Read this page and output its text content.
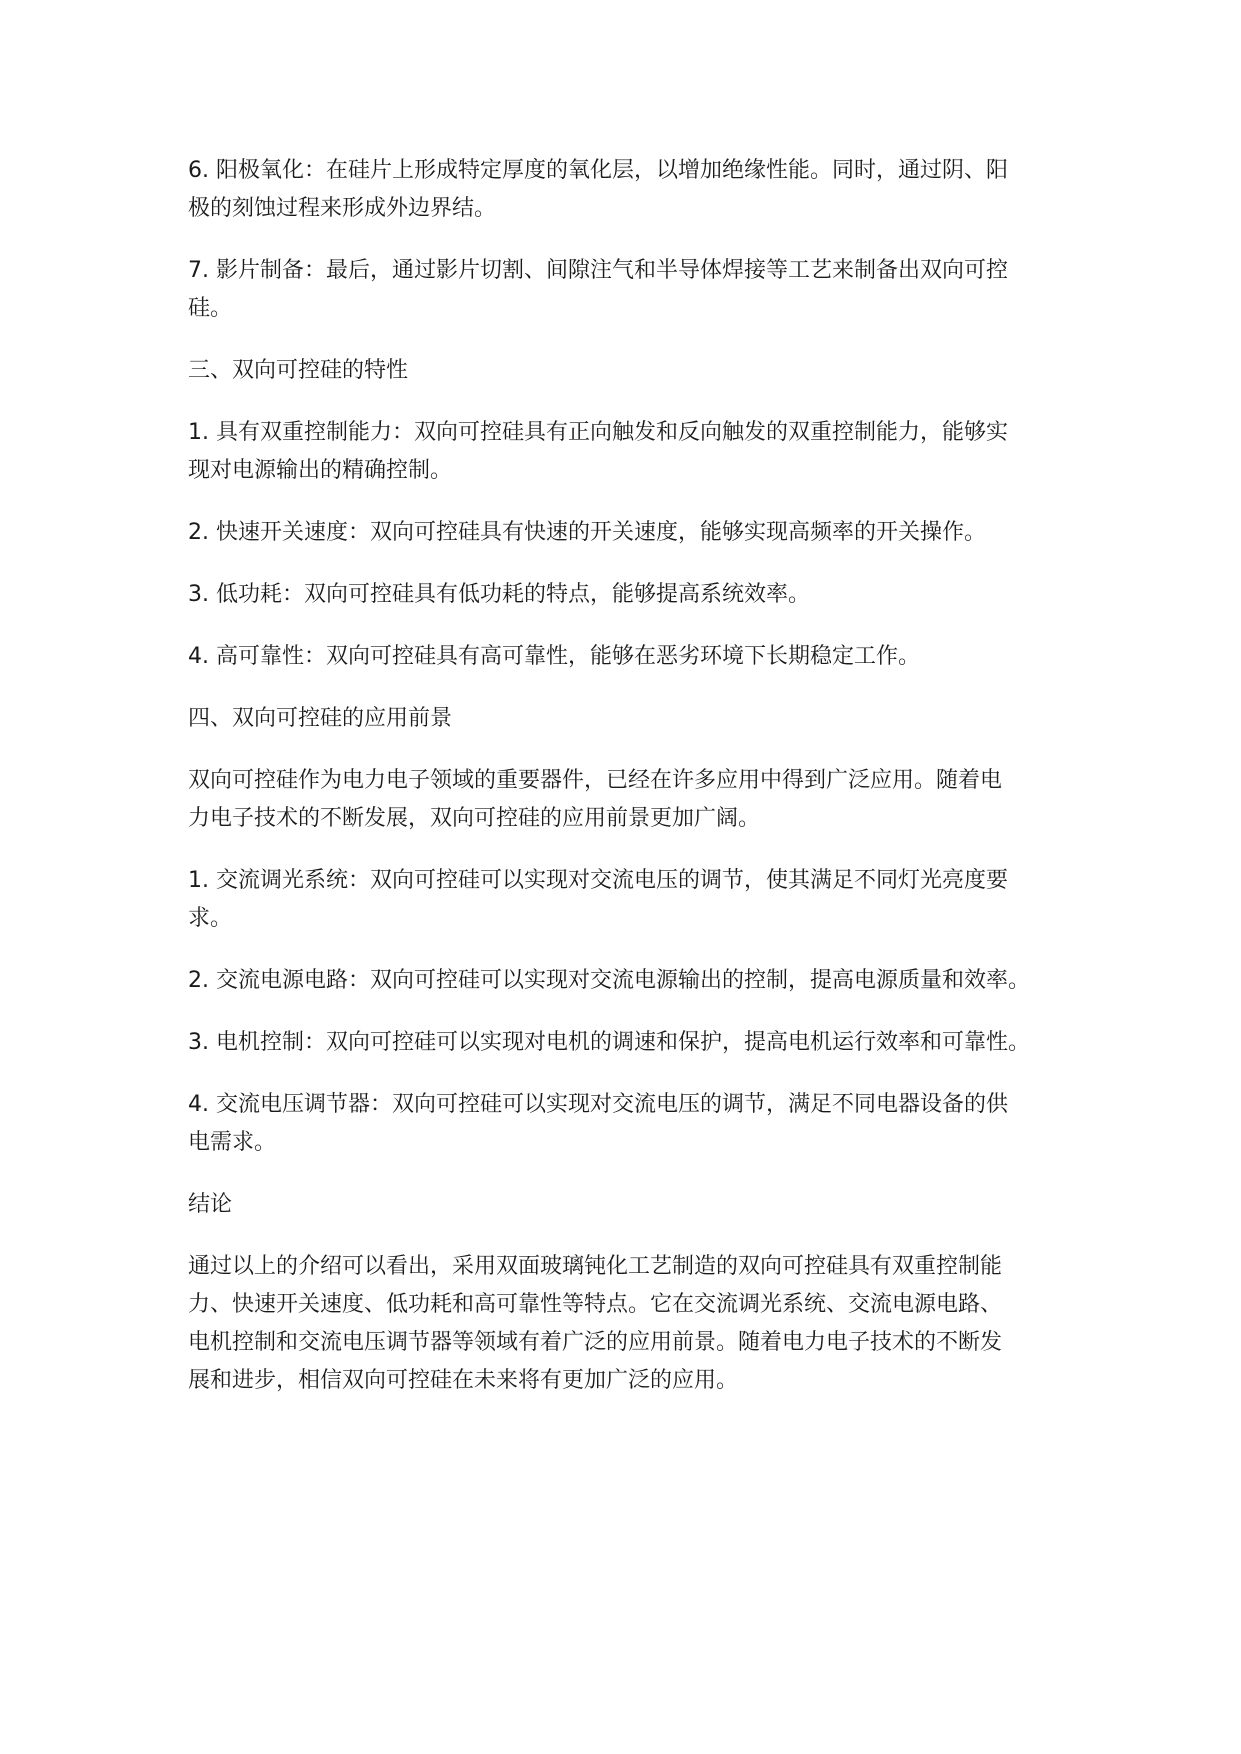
6. 阳极氧化：在硅片上形成特定厚度的氧化层，以增加绝缘性能。同时，通过阴、阳
极的刻蚀过程来形成外边界结。

7. 影片制备：最后，通过影片切割、间隙注气和半导体焊接等工艺来制备出双向可控
硅。

三、双向可控硅的特性

1. 具有双重控制能力：双向可控硅具有正向触发和反向触发的双重控制能力，能够实
现对电源输出的精确控制。

2. 快速开关速度：双向可控硅具有快速的开关速度，能够实现高频率的开关操作。

3. 低功耗：双向可控硅具有低功耗的特点，能够提高系统效率。

4. 高可靠性：双向可控硅具有高可靠性，能够在恶劣环境下长期稳定工作。

四、双向可控硅的应用前景

双向可控硅作为电力电子领域的重要器件，已经在许多应用中得到广泛应用。随着电
力电子技术的不断发展，双向可控硅的应用前景更加广阔。

1. 交流调光系统：双向可控硅可以实现对交流电压的调节，使其满足不同灯光亮度要
求。

2. 交流电源电路：双向可控硅可以实现对交流电源输出的控制，提高电源质量和效率。

3. 电机控制：双向可控硅可以实现对电机的调速和保护，提高电机运行效率和可靠性。

4. 交流电压调节器：双向可控硅可以实现对交流电压的调节，满足不同电器设备的供
电需求。

结论

通过以上的介绍可以看出，采用双面玻璃钝化工艺制造的双向可控硅具有双重控制能
力、快速开关速度、低功耗和高可靠性等特点。它在交流调光系统、交流电源电路、
电机控制和交流电压调节器等领域有着广泛的应用前景。随着电力电子技术的不断发
展和进步，相信双向可控硅在未来将有更加广泛的应用。
